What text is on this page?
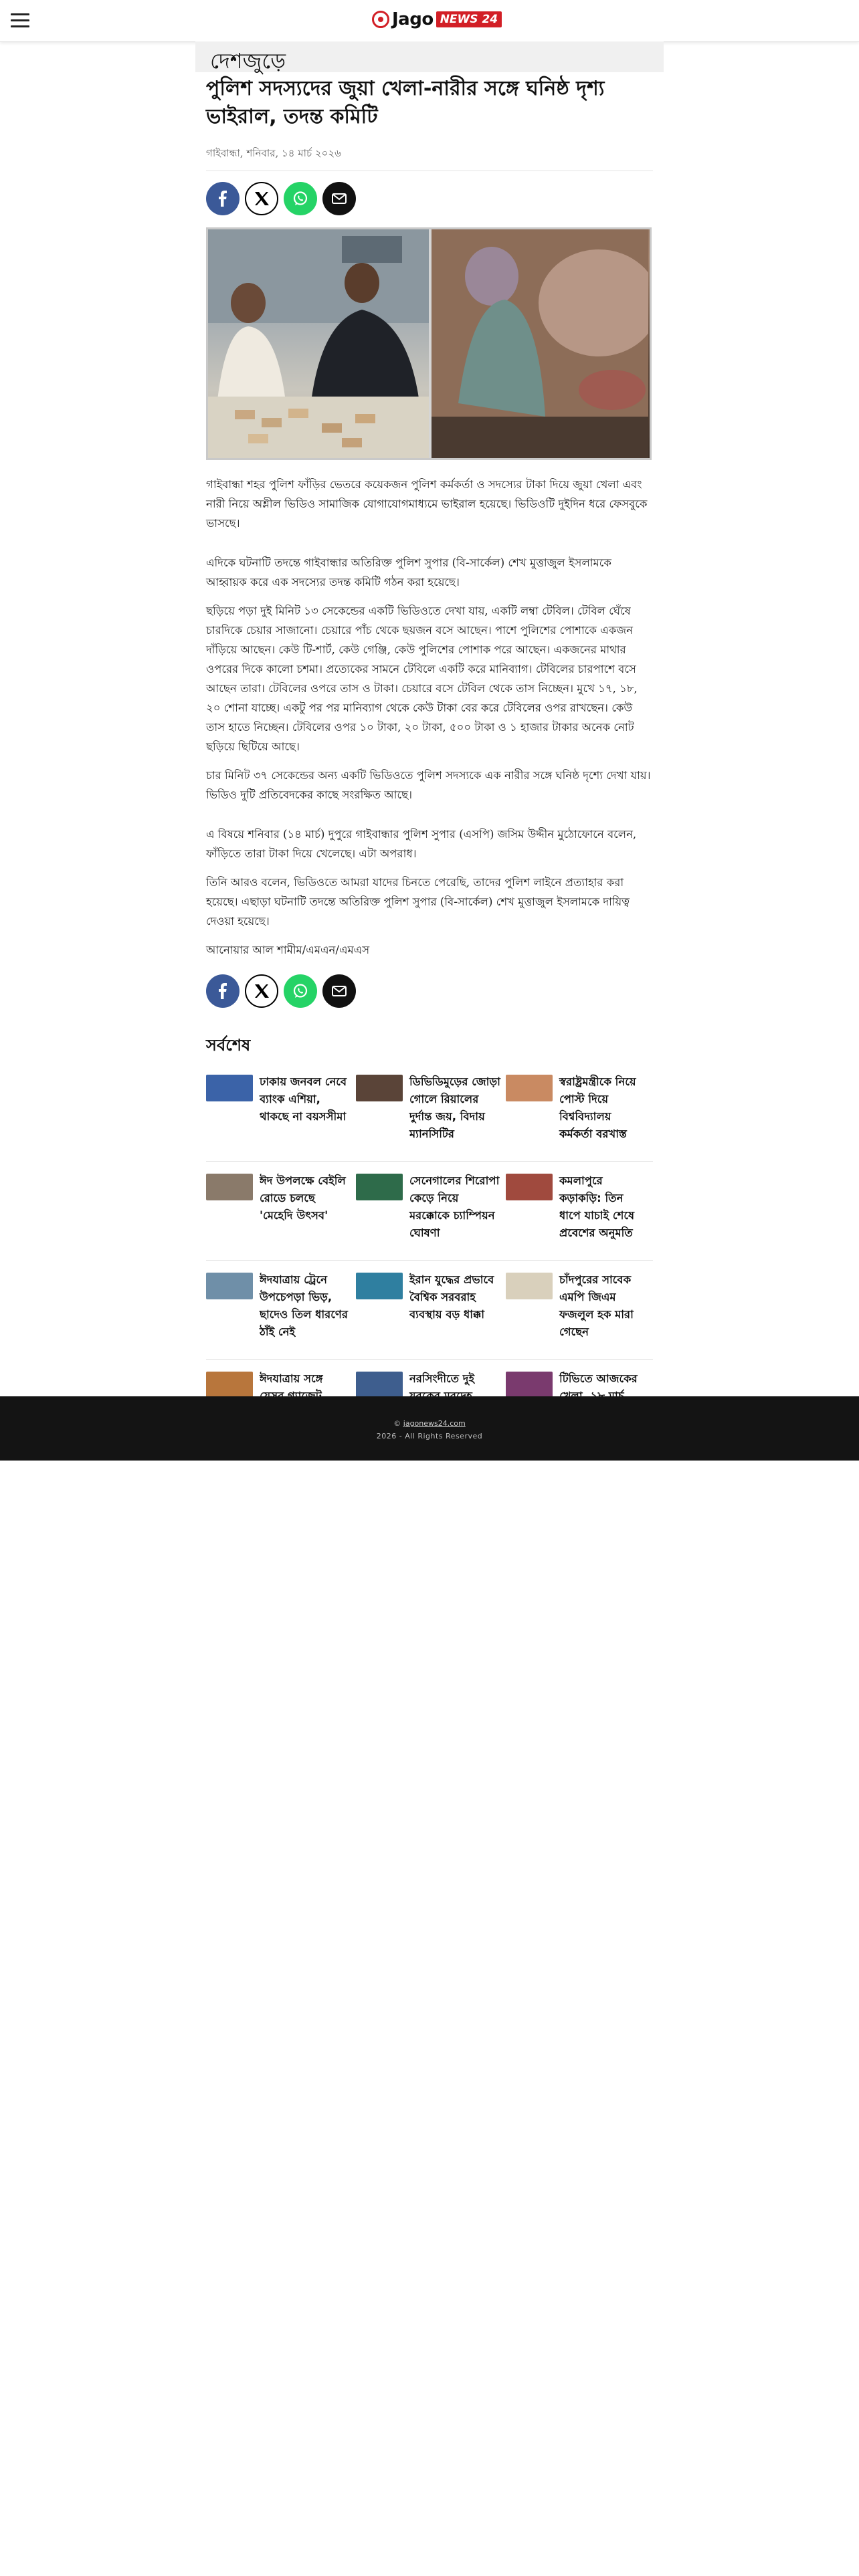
Jago NEWS 24
দেশজুড়ে
পুলিশ সদস্যদের জুয়া খেলা-নারীর সঙ্গে ঘনিষ্ঠ দৃশ্য ভাইরাল, তদন্ত কমিটি
গাইবান্ধা, শনিবার, ১৪ মার্চ ২০২৬

গাইবান্ধা শহর পুলিশ ফাঁড়ির ভেতরে কয়েকজন পুলিশ কর্মকর্তা ও সদস্যের টাকা দিয়ে জুয়া খেলা এবং নারী নিয়ে অশ্লীল ভিডিও সামাজিক যোগাযোগমাধ্যমে ভাইরাল হয়েছে। ভিডিওটি দুইদিন ধরে ফেসবুকে ভাসছে।

এদিকে ঘটনাটি তদন্তে গাইবান্ধার অতিরিক্ত পুলিশ সুপার (বি-সার্কেল) শেখ মুত্তাজুল ইসলামকে আহ্বায়ক করে এক সদস্যের তদন্ত কমিটি গঠন করা হয়েছে।

ছড়িয়ে পড়া দুই মিনিট ১৩ সেকেন্ডের একটি ভিডিওতে দেখা যায়, একটি লম্বা টেবিল। টেবিল ঘেঁষে চারদিকে চেয়ার সাজানো। চেয়ারে পাঁচ থেকে ছয়জন বসে আছেন। পাশে পুলিশের পোশাকে একজন দাঁড়িয়ে আছেন। কেউ টি-শার্ট, কেউ গেঞ্জি, কেউ পুলিশের পোশাক পরে আছেন। একজনের মাথার ওপরের দিকে কালো চশমা। প্রত্যেকের সামনে টেবিলে একটি করে মানিব্যাগ। টেবিলের চারপাশে বসে আছেন তারা। টেবিলের ওপরে তাস ও টাকা। চেয়ারে বসে টেবিল থেকে তাস নিচ্ছেন। মুখে ১৭, ১৮, ২০ শোনা যাচ্ছে। একটু পর পর মানিব্যাগ থেকে কেউ টাকা বের করে টেবিলের ওপর রাখছেন। কেউ তাস হাতে নিচ্ছেন। টেবিলের ওপর ১০ টাকা, ২০ টাকা, ৫০০ টাকা ও ১ হাজার টাকার অনেক নোট ছড়িয়ে ছিটিয়ে আছে।

চার মিনিট ৩৭ সেকেন্ডের অন্য একটি ভিডিওতে পুলিশ সদস্যকে এক নারীর সঙ্গে ঘনিষ্ঠ দৃশ্যে দেখা যায়। ভিডিও দুটি প্রতিবেদকের কাছে সংরক্ষিত আছে।

এ বিষয়ে শনিবার (১৪ মার্চ) দুপুরে গাইবান্ধার পুলিশ সুপার (এসপি) জসিম উদ্দীন মুঠোফোনে বলেন, ফাঁড়িতে তারা টাকা দিয়ে খেলেছে। এটা অপরাধ।

তিনি আরও বলেন, ভিডিওতে আমরা যাদের চিনতে পেরেছি, তাদের পুলিশ লাইনে প্রত্যাহার করা হয়েছে। এছাড়া ঘটনাটি তদন্তে অতিরিক্ত পুলিশ সুপার (বি-সার্কেল) শেখ মুত্তাজুল ইসলামকে দায়িত্ব দেওয়া হয়েছে।

আনোয়ার আল শামীম/এমএন/এমএস

সর্বশেষ
ঢাকায় জনবল নেবে ব্যাংক এশিয়া, থাকছে না বয়সসীমা
ডিভিডিমুড়ের জোড়া গোলে রিয়ালের দুর্দান্ত জয়, বিদায় ম্যানসিটির
স্বরাষ্ট্রমন্ত্রীকে নিয়ে পোস্ট দিয়ে বিশ্ববিদ্যালয় কর্মকর্তা বরখাস্ত
ঈদ উপলক্ষে বেইলি রোডে চলছে 'মেহেদি উৎসব'
সেনেগালের শিরোপা কেড়ে নিয়ে মরক্কোকে চ্যাম্পিয়ন ঘোষণা
কমলাপুরে কড়াকড়ি: তিন ধাপে যাচাই শেষে প্রবেশের অনুমতি
ঈদযাত্রায় ট্রেনে উপচেপড়া ভিড়, ছাদেও তিল ধারণের ঠাঁই নেই
ইরান যুদ্ধের প্রভাবে বৈশ্বিক সরবরাহ ব্যবস্থায় বড় ধাক্কা
চাঁদপুরের সাবেক এমপি জিএম ফজলুল হক মারা গেছেন
ঈদযাত্রায় সঙ্গে	নরসিংদীতে দুই	টিভিতে আজকের
© jagonews24.com
2026 - All Rights Reserved
